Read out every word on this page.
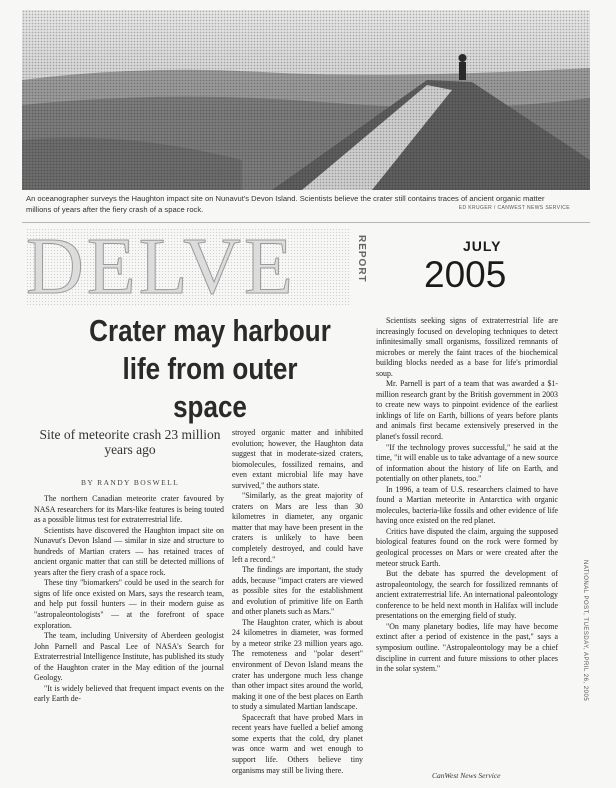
An oceanographer surveys the Haughton impact site on Nunavut's Devon Island. Scientists believe the crater still contains traces of ancient organic matter millions of years after the fiery crash of a space rock.	ED KRUGER / CANWEST NEWS SERVICE
DELVE	REPORT	JULY
2005
Crater may harbour life from outer space
Site of meteorite crash 23 million years ago
BY RANDY BOSWELL

The northern Canadian meteorite crater favoured by NASA researchers for its Mars-like features is being touted as a possible litmus test for extraterrestrial life.

Scientists have discovered the Haughton impact site on Nunavut's Devon Island — similar in size and structure to hundreds of Martian craters — has retained traces of ancient organic matter that can still be detected millions of years after the fiery crash of a space rock.

These tiny "biomarkers" could be used in the search for signs of life once existed on Mars, says the research team, and help put fossil hunters — in their modern guise as "astropaleontologists" — at the forefront of space exploration.

The team, including University of Aberdeen geologist John Parnell and Pascal Lee of NASA's Search for Extraterrestrial Intelligence Institute, has published its study of the Haughton crater in the May edition of the journal Geology.

"It is widely believed that frequent impact events on the early Earth de-

stroyed organic matter and inhibited evolution; however, the Haughton data suggest that in moderate-sized craters, biomolecules, fossilized remains, and even extant microbial life may have survived," the authors state.

"Similarly, as the great majority of craters on Mars are less than 30 kilometres in diameter, any organic matter that may have been present in the craters is unlikely to have been completely destroyed, and could have left a record."

The findings are important, the study adds, because "impact craters are viewed as possible sites for the establishment and evolution of primitive life on Earth and other planets such as Mars."

The Haughton crater, which is about 24 kilometres in diameter, was formed by a meteor strike 23 million years ago. The remoteness and "polar desert" environment of Devon Island means the crater has undergone much less change than other impact sites around the world, making it one of the best places on Earth to study a simulated Martian landscape.

Spacecraft that have probed Mars in recent years have fuelled a belief among some experts that the cold, dry planet was once warm and wet enough to support life. Others believe tiny organisms may still be living there.

Scientists seeking signs of extraterrestrial life are increasingly focused on developing techniques to detect infinitesimally small organisms, fossilized remnants of microbes or merely the faint traces of the biochemical building blocks needed as a base for life's primordial soup.

Mr. Parnell is part of a team that was awarded a $1-million research grant by the British government in 2003 to create new ways to pinpoint evidence of the earliest inklings of life on Earth, billions of years before plants and animals first became extensively preserved in the planet's fossil record.

"If the technology proves successful," he said at the time, "it will enable us to take advantage of a new source of information about the history of life on Earth, and potentially on other planets, too."

In 1996, a team of U.S. researchers claimed to have found a Martian meteorite in Antarctica with organic molecules, bacteria-like fossils and other evidence of life having once existed on the red planet.

Critics have disputed the claim, arguing the supposed biological features found on the rock were formed by geological processes on Mars or were created after the meteor struck Earth.

But the debate has spurred the development of astropaleontology, the search for fossilized remnants of ancient extraterrestrial life. An international paleontology conference to be held next month in Halifax will include presentations on the emerging field of study.

"On many planetary bodies, life may have become extinct after a period of existence in the past," says a symposium outline. "Astropaleontology may be a chief discipline in current and future missions to other places in the solar system."

CanWest News Service
NATIONAL POST, TUESDAY, APRIL 26, 2005
